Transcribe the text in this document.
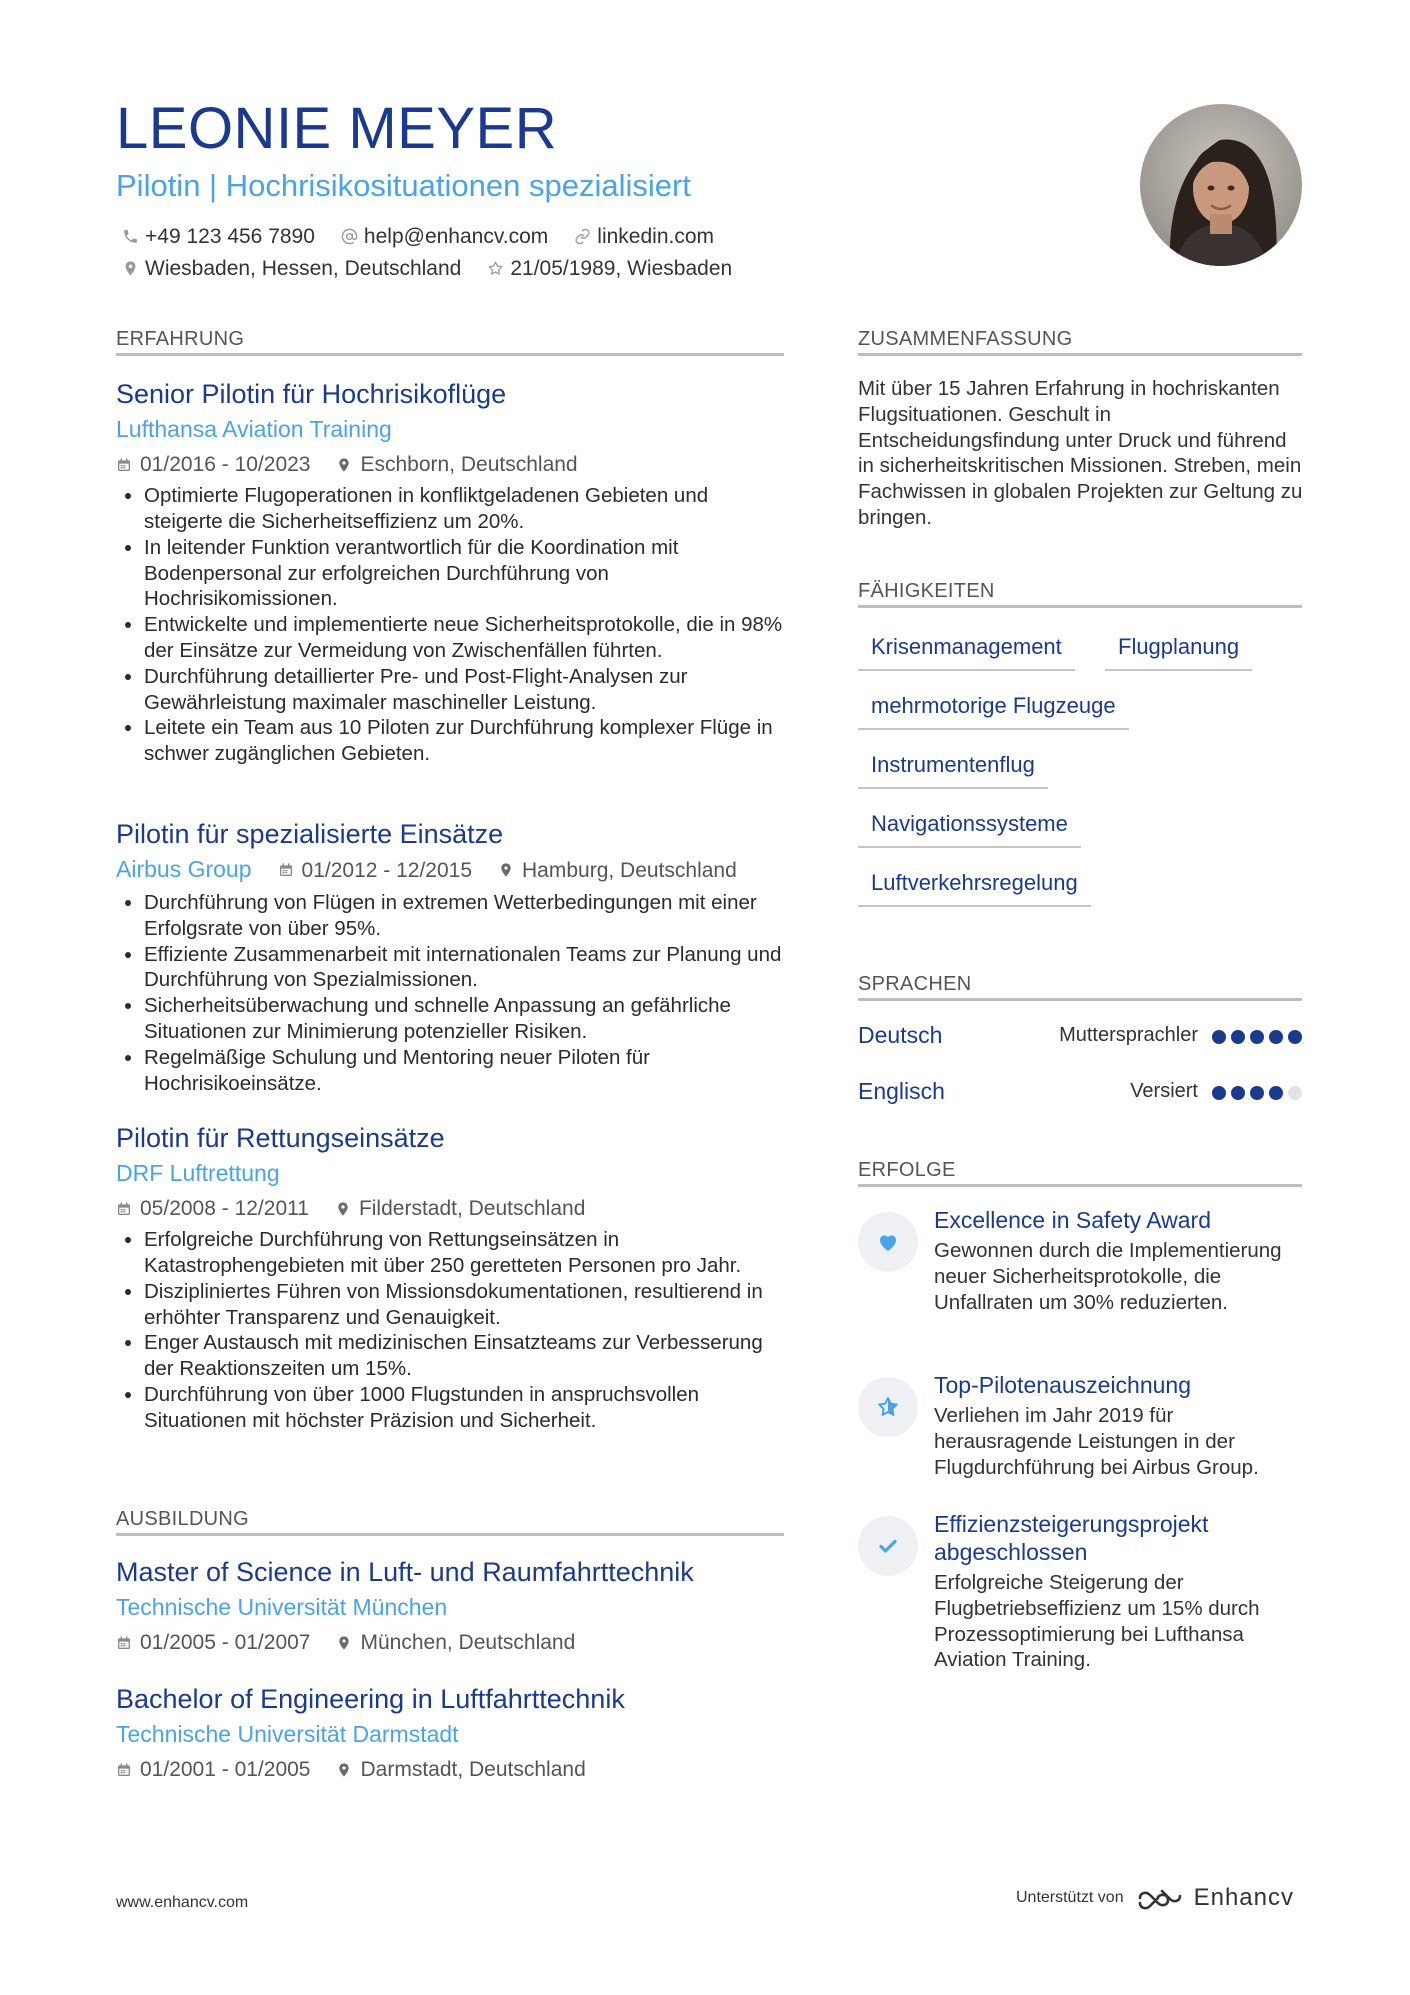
LEONIE MEYER
Pilotin | Hochrisikosituationen spezialisiert
+49 123 456 7890 help@enhancv.com linkedin.com
Wiesbaden, Hessen, Deutschland 21/05/1989, Wiesbaden
ERFAHRUNG
Senior Pilotin für Hochrisikoflüge
Lufthansa Aviation Training
01/2016 - 10/2023 Eschborn, Deutschland
• Optimierte Flugoperationen in konfliktgeladenen Gebieten und steigerte die Sicherheitseffizienz um 20%.
• In leitender Funktion verantwortlich für die Koordination mit Bodenpersonal zur erfolgreichen Durchführung von Hochrisikomissionen.
• Entwickelte und implementierte neue Sicherheitsprotokolle, die in 98% der Einsätze zur Vermeidung von Zwischenfällen führten.
• Durchführung detaillierter Pre- und Post-Flight-Analysen zur Gewährleistung maximaler maschineller Leistung.
• Leitete ein Team aus 10 Piloten zur Durchführung komplexer Flüge in schwer zugänglichen Gebieten.
Pilotin für spezialisierte Einsätze
Airbus Group 01/2012 - 12/2015 Hamburg, Deutschland
• Durchführung von Flügen in extremen Wetterbedingungen mit einer Erfolgsrate von über 95%.
• Effiziente Zusammenarbeit mit internationalen Teams zur Planung und Durchführung von Spezialmissionen.
• Sicherheitsüberwachung und schnelle Anpassung an gefährliche Situationen zur Minimierung potenzieller Risiken.
• Regelmäßige Schulung und Mentoring neuer Piloten für Hochrisikoeinsätze.
Pilotin für Rettungseinsätze
DRF Luftrettung
05/2008 - 12/2011 Filderstadt, Deutschland
• Erfolgreiche Durchführung von Rettungseinsätzen in Katastrophengebieten mit über 250 geretteten Personen pro Jahr.
• Diszipliniertes Führen von Missionsdokumentationen, resultierend in erhöhter Transparenz und Genauigkeit.
• Enger Austausch mit medizinischen Einsatzteams zur Verbesserung der Reaktionszeiten um 15%.
• Durchführung von über 1000 Flugstunden in anspruchsvollen Situationen mit höchster Präzision und Sicherheit.
AUSBILDUNG
Master of Science in Luft- und Raumfahrttechnik
Technische Universität München
01/2005 - 01/2007 München, Deutschland
Bachelor of Engineering in Luftfahrttechnik
Technische Universität Darmstadt
01/2001 - 01/2005 Darmstadt, Deutschland
ZUSAMMENFASSUNG
Mit über 15 Jahren Erfahrung in hochriskanten Flugsituationen. Geschult in Entscheidungsfindung unter Druck und führend in sicherheitskritischen Missionen. Streben, mein Fachwissen in globalen Projekten zur Geltung zu bringen.
FÄHIGKEITEN
Krisenmanagement	Flugplanung
mehrmotorige Flugzeuge
Instrumentenflug
Navigationssysteme
Luftverkehrsregelung
SPRACHEN
Deutsch	Muttersprachler
Englisch	Versiert
ERFOLGE
Excellence in Safety Award
Gewonnen durch die Implementierung neuer Sicherheitsprotokolle, die Unfallraten um 30% reduzierten.
Top-Pilotenauszeichnung
Verliehen im Jahr 2019 für herausragende Leistungen in der Flugdurchführung bei Airbus Group.
Effizienzsteigerungsprojekt abgeschlossen
Erfolgreiche Steigerung der Flugbetriebseffizienz um 15% durch Prozessoptimierung bei Lufthansa Aviation Training.
www.enhancv.com	Unterstützt von	Enhancv
